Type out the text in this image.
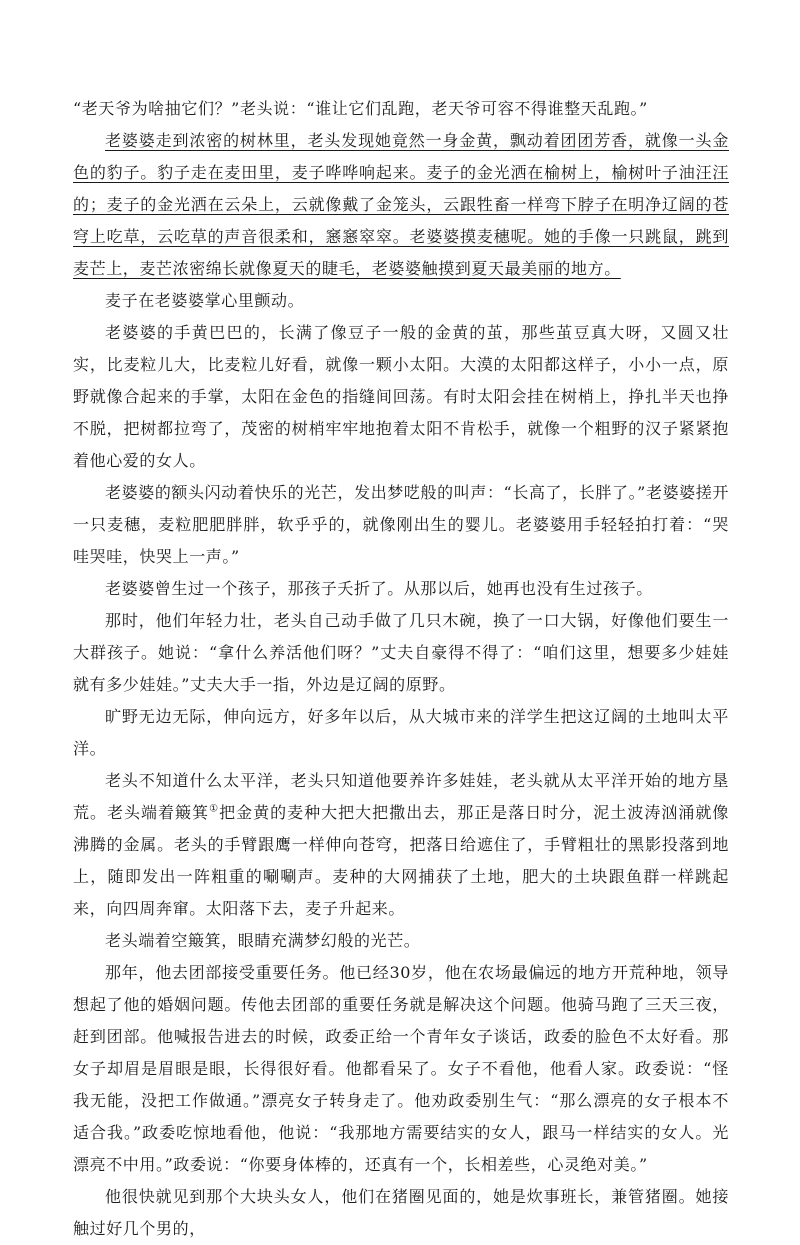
“老天爷为啥抽它们？”老头说：“谁让它们乱跑，老天爷可容不得谁整天乱跑。”

老婆婆走到浓密的树林里，老头发现她竟然一身金黄，飘动着团团芳香，就像一头金色的豹子。豹子走在麦田里，麦子哗哗响起来。麦子的金光洒在榆树上，榆树叶子油汪汪的；麦子的金光洒在云朵上，云就像戴了金笼头，云跟牲畜一样弯下脖子在明净辽阔的苍穹上吃草，云吃草的声音很柔和，窸窸窣窣。老婆婆摸麦穗呢。她的手像一只跳鼠，跳到麦芒上，麦芒浓密绵长就像夏天的睫毛，老婆婆触摸到夏天最美丽的地方。

麦子在老婆婆掌心里颤动。

老婆婆的手黄巴巴的，长满了像豆子一般的金黄的茧，那些茧豆真大呀，又圆又壮实，比麦粒儿大，比麦粒儿好看，就像一颗小太阳。大漠的太阳都这样子，小小一点，原野就像合起来的手掌，太阳在金色的指缝间回荡。有时太阳会挂在树梢上，挣扎半天也挣不脱，把树都拉弯了，茂密的树梢牢牢地抱着太阳不肯松手，就像一个粗野的汉子紧紧抱着他心爱的女人。

老婆婆的额头闪动着快乐的光芒，发出梦呓般的叫声：“长高了，长胖了。”老婆婆搓开一只麦穗，麦粒肥肥胖胖，软乎乎的，就像刚出生的婴儿。老婆婆用手轻轻拍打着：“哭哇哭哇，快哭上一声。”

老婆婆曾生过一个孩子，那孩子夭折了。从那以后，她再也没有生过孩子。

那时，他们年轻力壮，老头自己动手做了几只木碗，换了一口大锅，好像他们要生一大群孩子。她说：“拿什么养活他们呀？”丈夫自豪得不得了：“咱们这里，想要多少娃娃就有多少娃娃。”丈夫大手一指，外边是辽阔的原野。

旷野无边无际，伸向远方，好多年以后，从大城市来的洋学生把这辽阔的土地叫太平洋。

老头不知道什么太平洋，老头只知道他要养许多娃娃，老头就从太平洋开始的地方垦荒。老头端着簸箕①把金黄的麦种大把大把撒出去，那正是落日时分，泥土波涛汹涌就像沸腾的金属。老头的手臂跟鹰一样伸向苍穹，把落日给遮住了，手臂粗壮的黑影投落到地上，随即发出一阵粗重的唰唰声。麦种的大网捕获了土地，肥大的土块跟鱼群一样跳起来，向四周奔窜。太阳落下去，麦子升起来。

老头端着空簸箕，眼睛充满梦幻般的光芒。

那年，他去团部接受重要任务。他已经30岁，他在农场最偏远的地方开荒种地，领导想起了他的婚姻问题。传他去团部的重要任务就是解决这个问题。他骑马跑了三天三夜，赶到团部。他喊报告进去的时候，政委正给一个青年女子谈话，政委的脸色不太好看。那女子却眉是眉眼是眼，长得很好看。他都看呆了。女子不看他，他看人家。政委说：“怪我无能，没把工作做通。”漂亮女子转身走了。他劝政委别生气：“那么漂亮的女子根本不适合我。”政委吃惊地看他，他说：“我那地方需要结实的女人，跟马一样结实的女人。光漂亮不中用。”政委说：“你要身体棒的，还真有一个，长相差些，心灵绝对美。”

他很快就见到那个大块头女人，他们在猪圈见面的，她是炊事班长，兼管猪圈。她接触过好几个男的，
